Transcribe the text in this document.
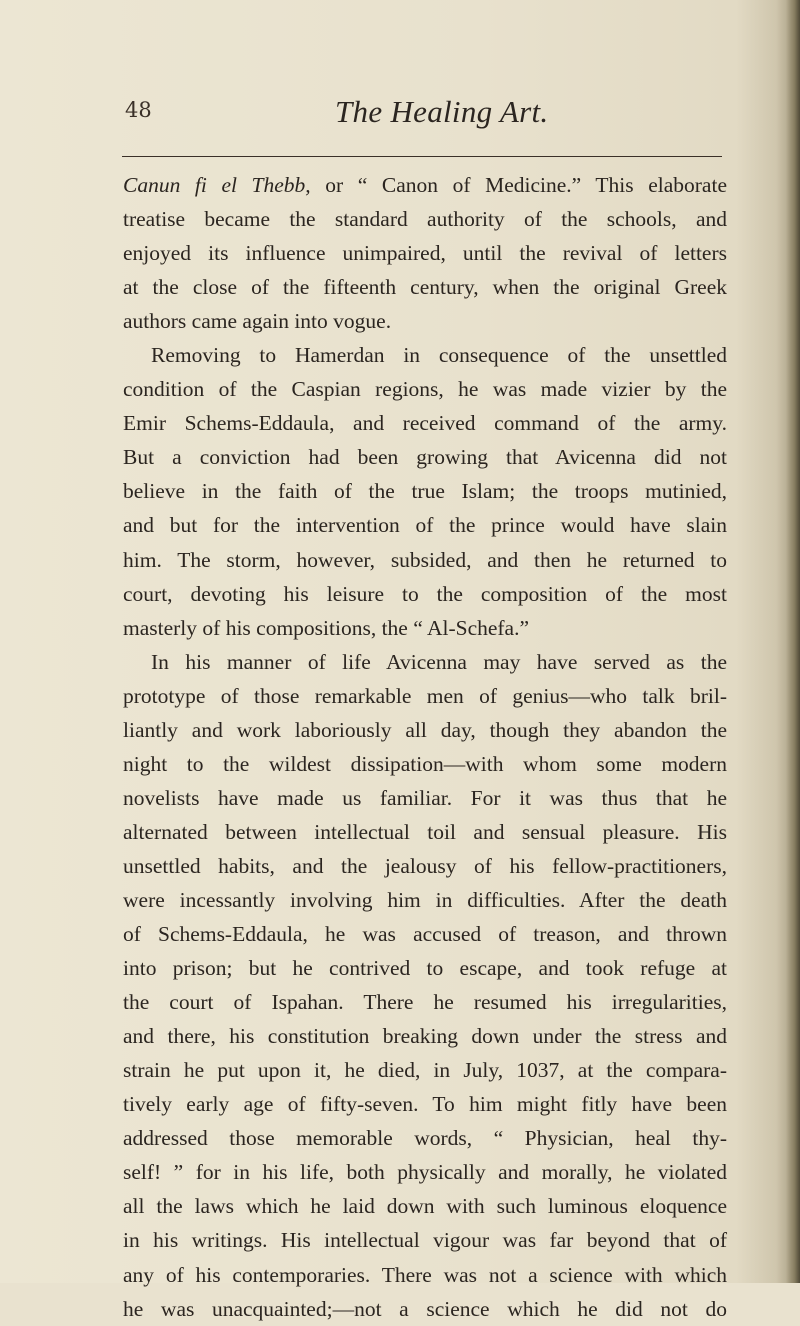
48	The Healing Art.
Canun fi el Thebb, or “ Canon of Medicine.” This elaborate
treatise became the standard authority of the schools, and
enjoyed its influence unimpaired, until the revival of letters
at the close of the fifteenth century, when the original Greek
authors came again into vogue.
Removing to Hamerdan in consequence of the unsettled
condition of the Caspian regions, he was made vizier by the
Emir Schems-Eddaula, and received command of the army.
But a conviction had been growing that Avicenna did not
believe in the faith of the true Islam; the troops mutinied,
and but for the intervention of the prince would have slain
him. The storm, however, subsided, and then he returned to
court, devoting his leisure to the composition of the most
masterly of his compositions, the “ Al-Schefa.”
In his manner of life Avicenna may have served as the
prototype of those remarkable men of genius—who talk bril-
liantly and work laboriously all day, though they abandon the
night to the wildest dissipation—with whom some modern
novelists have made us familiar. For it was thus that he
alternated between intellectual toil and sensual pleasure. His
unsettled habits, and the jealousy of his fellow-practitioners,
were incessantly involving him in difficulties. After the death
of Schems-Eddaula, he was accused of treason, and thrown
into prison; but he contrived to escape, and took refuge at
the court of Ispahan. There he resumed his irregularities,
and there, his constitution breaking down under the stress and
strain he put upon it, he died, in July, 1037, at the compara-
tively early age of fifty-seven. To him might fitly have been
addressed those memorable words, “ Physician, heal thy-
self! ” for in his life, both physically and morally, he violated
all the laws which he laid down with such luminous eloquence
in his writings. His intellectual vigour was far beyond that of
any of his contemporaries. There was not a science with which
he was unacquainted;—not a science which he did not do
